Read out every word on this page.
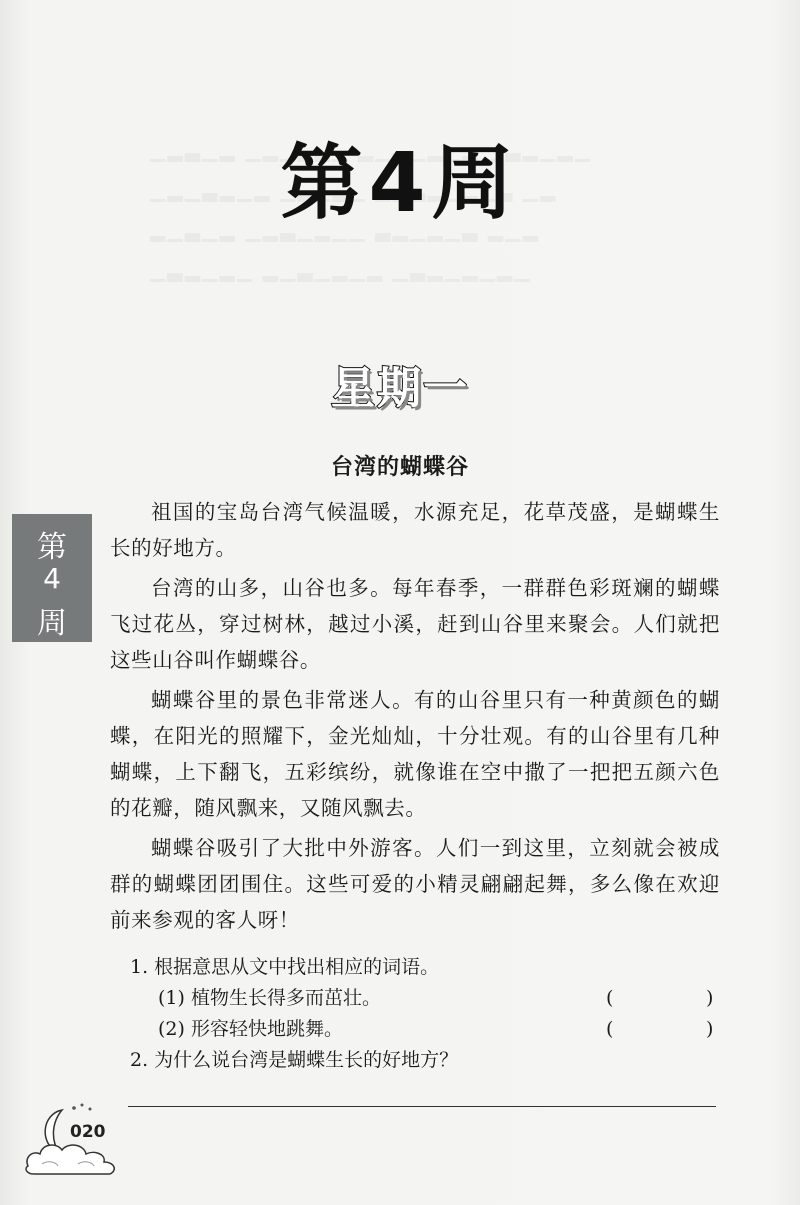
第4周
星期一
台湾的蝴蝶谷
第
4
周

祖国的宝岛台湾气候温暖，水源充足，花草茂盛，是蝴蝶生长的好地方。

台湾的山多，山谷也多。每年春季，一群群色彩斑斓的蝴蝶飞过花丛，穿过树林，越过小溪，赶到山谷里来聚会。人们就把这些山谷叫作蝴蝶谷。

蝴蝶谷里的景色非常迷人。有的山谷里只有一种黄颜色的蝴蝶，在阳光的照耀下，金光灿灿，十分壮观。有的山谷里有几种蝴蝶，上下翻飞，五彩缤纷，就像谁在空中撒了一把把五颜六色的花瓣，随风飘来，又随风飘去。

蝴蝶谷吸引了大批中外游客。人们一到这里，立刻就会被成群的蝴蝶团团围住。这些可爱的小精灵翩翩起舞，多么像在欢迎前来参观的客人呀！

1. 根据意思从文中找出相应的词语。
(1) 植物生长得多而茁壮。	(	)
(2) 形容轻快地跳舞。	(	)
2. 为什么说台湾是蝴蝶生长的好地方？
020
